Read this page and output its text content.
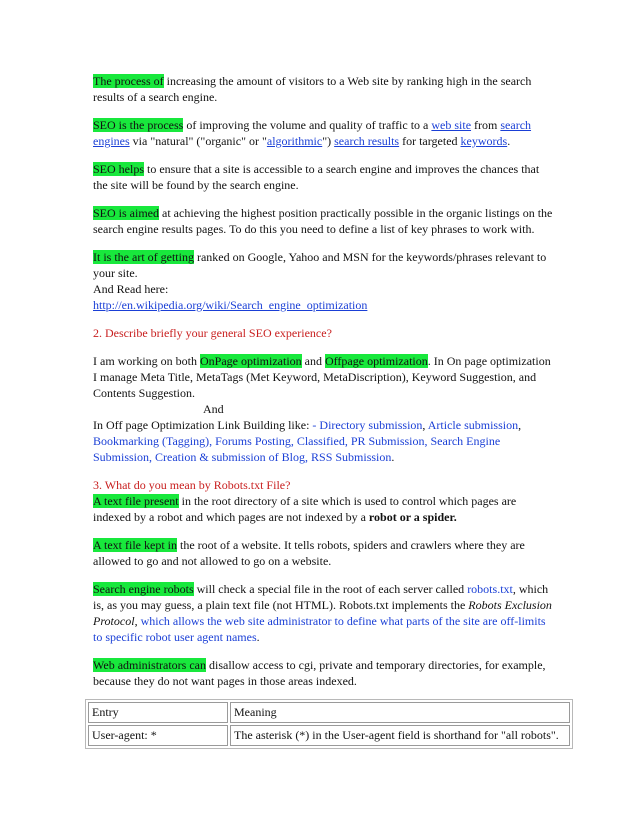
The process of increasing the amount of visitors to a Web site by ranking high in the search results of a search engine.

SEO is the process of improving the volume and quality of traffic to a web site from search engines via "natural" ("organic" or "algorithmic") search results for targeted keywords.

SEO helps to ensure that a site is accessible to a search engine and improves the chances that the site will be found by the search engine.

SEO is aimed at achieving the highest position practically possible in the organic listings on the search engine results pages. To do this you need to define a list of key phrases to work with.

It is the art of getting ranked on Google, Yahoo and MSN for the keywords/phrases relevant to your site.
And Read here:
http://en.wikipedia.org/wiki/Search_engine_optimization

2. Describe briefly your general SEO experience?

I am working on both OnPage optimization and Offpage optimization. In On page optimization I manage Meta Title, MetaTags (Met Keyword, MetaDiscription), Keyword Suggestion, and Contents Suggestion.
And
In Off page Optimization Link Building like: - Directory submission, Article submission, Bookmarking (Tagging), Forums Posting, Classified, PR Submission, Search Engine Submission, Creation & submission of Blog, RSS Submission.

3. What do you mean by Robots.txt File?
A text file present in the root directory of a site which is used to control which pages are indexed by a robot and which pages are not indexed by a robot or a spider.

A text file kept in the root of a website. It tells robots, spiders and crawlers where they are allowed to go and not allowed to go on a website.

Search engine robots will check a special file in the root of each server called robots.txt, which is, as you may guess, a plain text file (not HTML). Robots.txt implements the Robots Exclusion Protocol, which allows the web site administrator to define what parts of the site are off-limits to specific robot user agent names.

Web administrators can disallow access to cgi, private and temporary directories, for example, because they do not want pages in those areas indexed.

Entry	Meaning
User-agent: *	The asterisk (*) in the User-agent field is shorthand for "all robots".
